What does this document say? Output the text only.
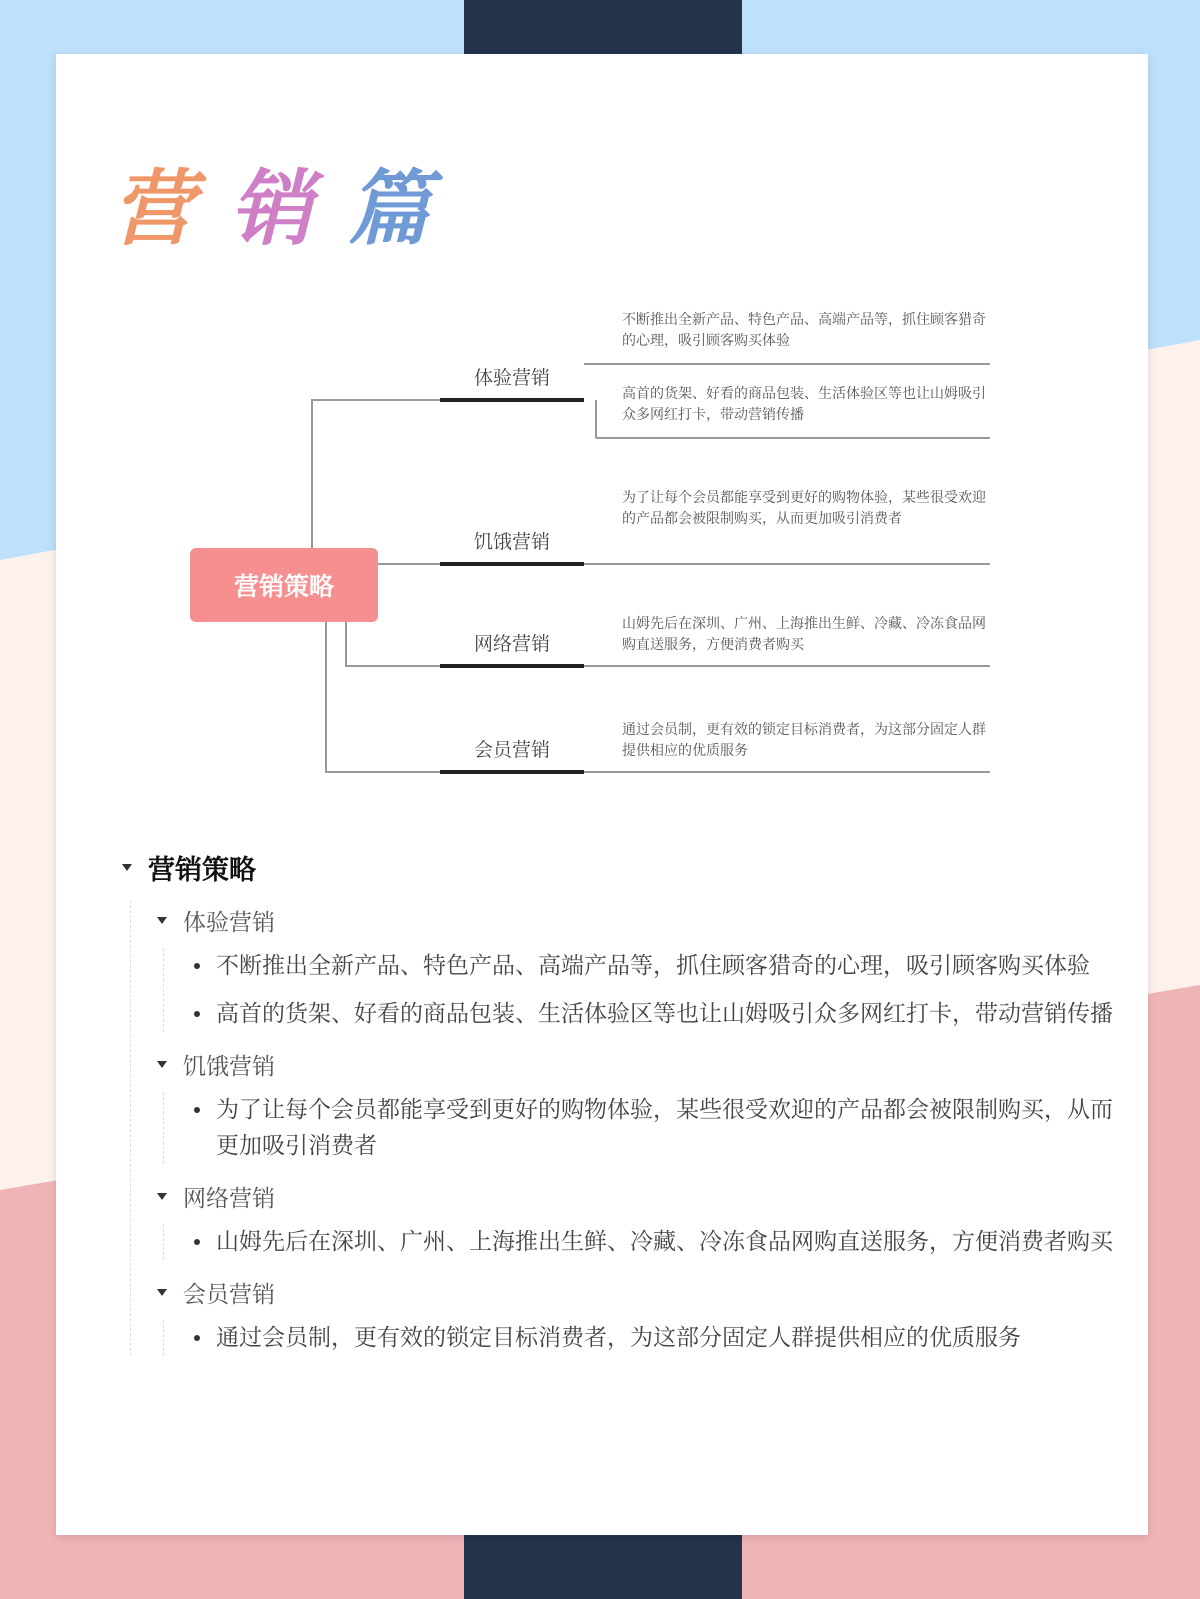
营销篇
营销策略
体验营销
饥饿营销
网络营销
会员营销
不断推出全新产品、特色产品、高端产品等，抓住顾客猎奇的心理，吸引顾客购买体验
高首的货架、好看的商品包装、生活体验区等也让山姆吸引众多网红打卡，带动营销传播
为了让每个会员都能享受到更好的购物体验，某些很受欢迎的产品都会被限制购买，从而更加吸引消费者
山姆先后在深圳、广州、上海推出生鲜、冷藏、冷冻食品网购直送服务，方便消费者购买
通过会员制，更有效的锁定目标消费者，为这部分固定人群提供相应的优质服务
营销策略
体验营销
不断推出全新产品、特色产品、高端产品等，抓住顾客猎奇的心理，吸引顾客购买体验
高首的货架、好看的商品包装、生活体验区等也让山姆吸引众多网红打卡，带动营销传播
饥饿营销
为了让每个会员都能享受到更好的购物体验，某些很受欢迎的产品都会被限制购买，从而更加吸引消费者
网络营销
山姆先后在深圳、广州、上海推出生鲜、冷藏、冷冻食品网购直送服务，方便消费者购买
会员营销
通过会员制，更有效的锁定目标消费者，为这部分固定人群提供相应的优质服务
